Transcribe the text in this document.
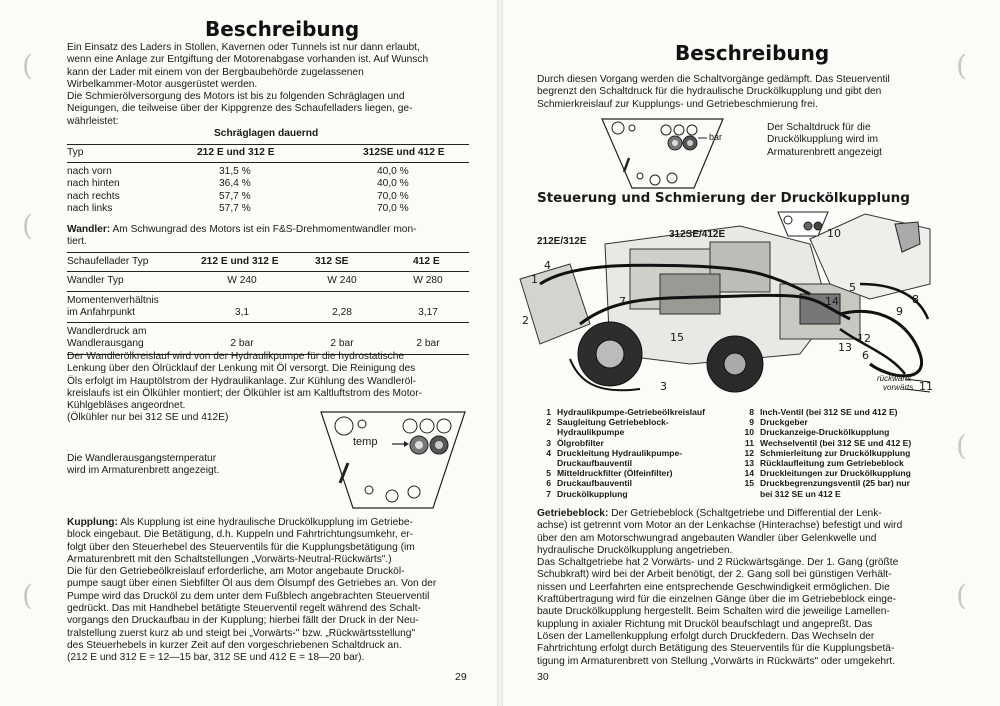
(
(
(
Beschreibung
Ein Einsatz des Laders in Stollen, Kavernen oder Tunnels ist nur dann erlaubt,
wenn eine Anlage zur Entgiftung der Motorenabgase vorhanden ist. Auf Wunsch
kann der Lader mit einem von der Bergbaubehörde zugelassenen
Wirbelkammer-Motor ausgerüstet werden.
Die Schmierölversorgung des Motors ist bis zu folgenden Schräglagen und
Neigungen, die teilweise über der Kippgrenze des Schaufelladers liegen, ge-
währleistet:
Schräglagen dauernd
Typ	212 E und 312 E	312SE und 412 E

nach vorn	31,5 %	40,0 %
nach hinten	36,4 %	40,0 %
nach rechts	57,7 %	70,0 %
nach links	57,7 %	70,0 %
Wandler: Am Schwungrad des Motors ist ein F&S-Drehmomentwandler mon-
tiert.
Schaufellader Typ	212 E und 312 E	312 SE	412 E

Wandler Typ	W 240	W 240	W 280

Momentenverhältnis
im Anfahrpunkt	3,1	2,28	3,17

Wandlerdruck am
Wandlerausgang	2 bar	2 bar	2 bar
Der Wandlerölkreislauf wird von der Hydraulikpumpe für die hydrostatische
Lenkung über den Ölrücklauf der Lenkung mit Öl versorgt. Die Reinigung des
Öls erfolgt im Hauptölstrom der Hydraulikanlage. Zur Kühlung des Wandleröl-
kreislaufs ist ein Ölkühler montiert; der Ölkühler ist am Kaltluftstrom des Motor-
Kühlgebläses angeordnet.
(Ölkühler nur bei 312 SE und 412E)
Die Wandlerausgangstemperatur
wird im Armaturenbrett angezeigt.
temp
Kupplung: Als Kupplung ist eine hydraulische Druckölkupplung im Getriebe-
block eingebaut. Die Betätigung, d.h. Kuppeln und Fahrtrichtungsumkehr, er-
folgt über den Steuerhebel des Steuerventils für die Kupplungsbetätigung (im
Armaturenbrett mit den Schaltstellungen „Vorwärts-Neutral-Rückwärts".)
Die für den Getriebeölkreislauf erforderliche, am Motor angebaute Drucköl-
pumpe saugt über einen Siebfilter Öl aus dem Ölsumpf des Getriebes an. Von der
Pumpe wird das Drucköl zu dem unter dem Fußblech angebrachten Steuerventil
gedrückt. Das mit Handhebel betätigte Steuerventil regelt während des Schalt-
vorgangs den Druckaufbau in der Kupplung; hierbei fällt der Druck in der Neu-
tralstellung zuerst kurz ab und steigt bei „Vorwärts-" bzw. „Rückwärtsstellung"
des Steuerhebels in kurzer Zeit auf den vorgeschriebenen Schaltdruck an.
(212 E und 312 E = 12—15 bar, 312 SE und 412 E = 18—20 bar).
29
(
(
(
Beschreibung
Durch diesen Vorgang werden die Schaltvorgänge gedämpft. Das Steuerventil
begrenzt den Schaltdruck für die hydraulische Druckölkupplung und gibt den
Schmierkreislauf zur Kupplungs- und Getriebeschmierung frei.
bar
Der Schaltdruck für die
Druckölkupplung wird im
Armaturenbrett angezeigt
Steuerung und Schmierung der Druckölkupplung
212E/312E
312SE/412E
rückwärts
vorwärts
1
2
3
4
5
6
7	8
9
10
11
12
13
14
15
1 Hydraulikpumpe-Getriebeölkreislauf
2 Saugleitung Getriebeblock-
Hydraulikpumpe
3 Ölgrobfilter
4 Druckleitung Hydraulikpumpe-
Druckaufbauventil
5 Mitteldruckfilter (Ölfeinfilter)
6 Druckaufbauventil
7 Druckölkupplung
8 Inch-Ventil (bei 312 SE und 412 E)
9 Druckgeber
10 Druckanzeige-Druckölkupplung
11 Wechselventil (bei 312 SE und 412 E)
12 Schmierleitung zur Druckölkupplung
13 Rücklaufleitung zum Getriebeblock
14 Druckleitungen zur Druckölkupplung
15 Druckbegrenzungsventil (25 bar) nur
bei 312 SE un 412 E
Getriebeblock: Der Getriebeblock (Schaltgetriebe und Differential der Lenk-
achse) ist getrennt vom Motor an der Lenkachse (Hinterachse) befestigt und wird
über den am Motorschwungrad angebauten Wandler über Gelenkwelle und
hydraulische Druckölkupplung angetrieben.
Das Schaltgetriebe hat 2 Vorwärts- und 2 Rückwärtsgänge. Der 1. Gang (größte
Schubkraft) wird bei der Arbeit benötigt, der 2. Gang soll bei günstigen Verhält-
nissen und Leerfahrten eine entsprechende Geschwindigkeit ermöglichen. Die
Kraftübertragung wird für die einzelnen Gänge über die im Getriebeblock einge-
baute Druckölkupplung hergestellt. Beim Schalten wird die jeweilige Lamellen-
kupplung in axialer Richtung mit Drucköl beaufschlagt und angepreßt. Das
Lösen der Lamellenkupplung erfolgt durch Druckfedern. Das Wechseln der
Fahrtrichtung erfolgt durch Betätigung des Steuerventils für die Kupplungsbetä-
tigung im Armaturenbrett von Stellung „Vorwärts in Rückwärts" oder umgekehrt.
30
